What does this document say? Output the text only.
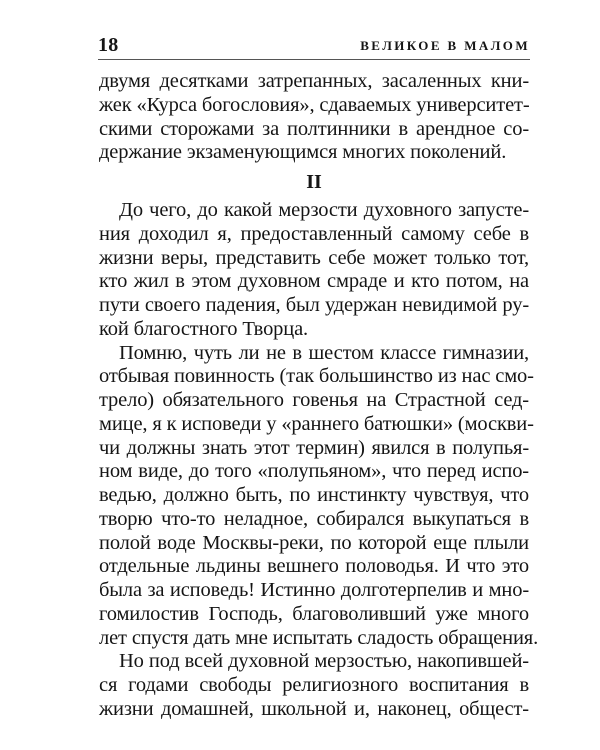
18	ВЕЛИКОЕ В МАЛОМ
двумя десятками затрепанных, засаленных кни-
жек «Курса богословия», сдаваемых университет-
скими сторожами за полтинники в арендное со-
держание экзаменующимся многих поколений.
II
До чего, до какой мерзости духовного запусте-
ния доходил я, предоставленный самому себе в
жизни веры, представить себе может только тот,
кто жил в этом духовном смраде и кто потом, на
пути своего падения, был удержан невидимой ру-
кой благостного Творца.
Помню, чуть ли не в шестом классе гимназии,
отбывая повинность (так большинство из нас смо-
трело) обязательного говенья на Страстной сед-
мице, я к исповеди у «раннего батюшки» (москви-
чи должны знать этот термин) явился в полупья-
ном виде, до того «полупьяном», что перед испо-
ведью, должно быть, по инстинкту чувствуя, что
творю что-то неладное, собирался выкупаться в
полой воде Москвы-реки, по которой еще плыли
отдельные льдины вешнего половодья. И что это
была за исповедь! Истинно долготерпелив и мно-
гомилостив Господь, благоволивший уже много
лет спустя дать мне испытать сладость обращения.
Но под всей духовной мерзостью, накопившей-
ся годами свободы религиозного воспитания в
жизни домашней, школьной и, наконец, общест-
